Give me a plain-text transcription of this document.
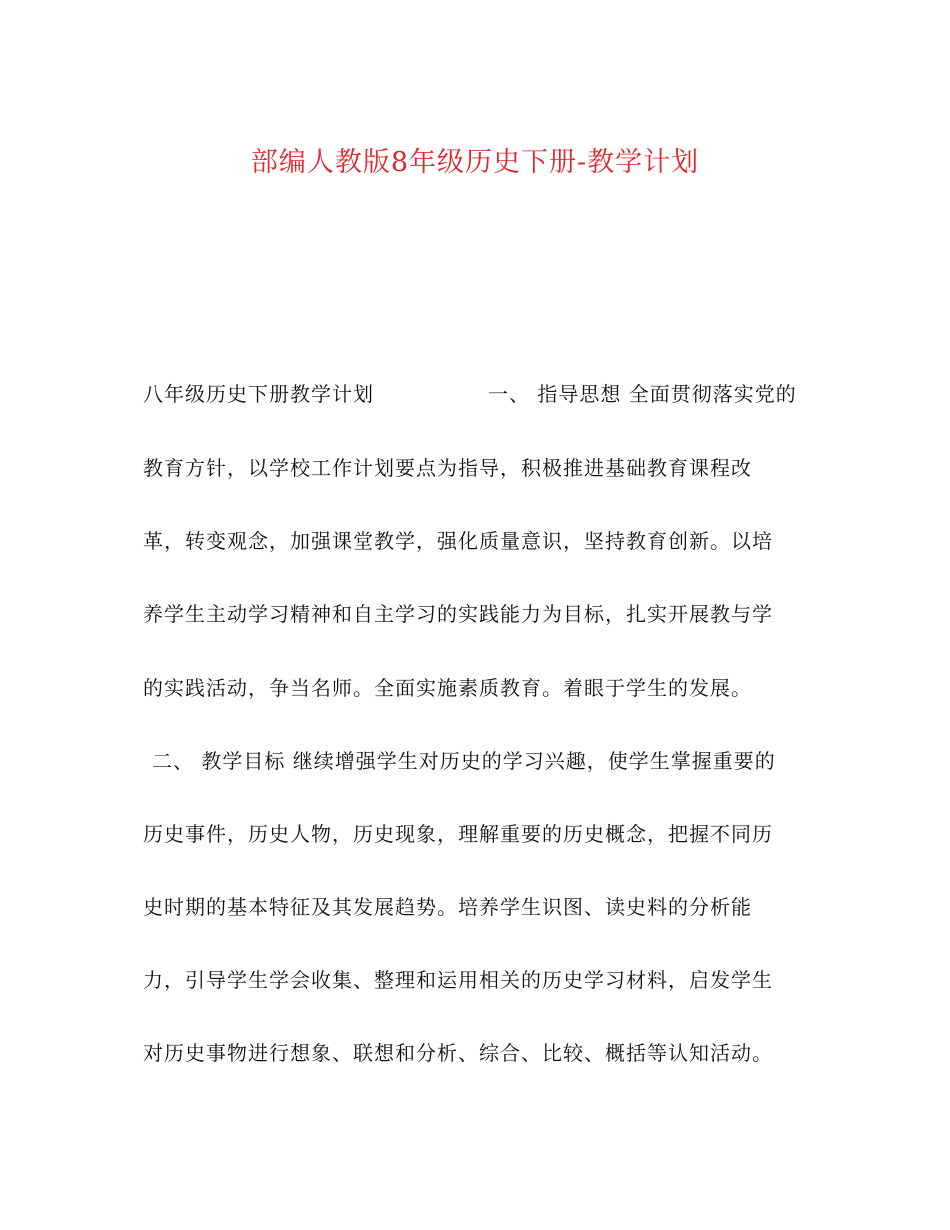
部编人教版8年级历史下册-教学计划
八年级历史下册教学计划	一、 指导思想 全面贯彻落实党的
教育方针，以学校工作计划要点为指导，积极推进基础教育课程改
革，转变观念，加强课堂教学，强化质量意识，坚持教育创新。以培
养学生主动学习精神和自主学习的实践能力为目标，扎实开展教与学
的实践活动，争当名师。全面实施素质教育。着眼于学生的发展。
二、 教学目标 继续增强学生对历史的学习兴趣，使学生掌握重要的
历史事件，历史人物，历史现象，理解重要的历史概念，把握不同历
史时期的基本特征及其发展趋势。培养学生识图、读史料的分析能
力，引导学生学会收集、整理和运用相关的历史学习材料，启发学生
对历史事物进行想象、联想和分析、综合、比较、概括等认知活动。
